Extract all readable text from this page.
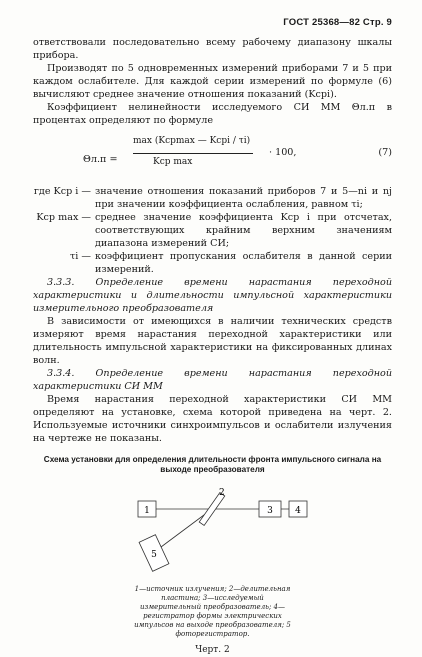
ГОСТ 25368—82 Стр. 9

ответствовали последовательно всему рабочему диапазону шкалы прибора.

Производят по 5 одновременных измерений приборами 7 и 5 при каждом ослабителе. Для каждой серии измерений по формуле (6) вычисляют среднее значение отношения показаний (Kсрi).

Коэффициент нелинейности исследуемого СИ ММ Θл.п в процентах определяют по формуле

Θл.п =
max (Kсрmax — Kсрi / τi)
Kср max
· 100,	(7)
где Kср i — значение отношения показаний приборов 7 и 5—ni и nj при значении коэффициента ослабления, равном τi;
Kср max — среднее значение коэффициента Kср i при отсчетах, соответствующих крайним верхним значениям диапазона измерений СИ;
τi — коэффициент пропускания ослабителя в данной серии измерений.

3.3.3. Определение времени нарастания переходной характеристики и длительности импульсной характеристики измерительного преобразователя

В зависимости от имеющихся в наличии технических средств измеряют время нарастания переходной характеристики или длительность импульсной характеристики на фиксированных длинах волн.

3.3.4. Определение времени нарастания переходной характеристики СИ ММ

Время нарастания переходной характеристики СИ ММ определяют на установке, схема которой приведена на черт. 2. Используемые источники синхроимпульсов и ослабители излучения на чертеже не показаны.

Схема установки для определения длительности фронта импульсного сигнала на выходе преобразователя
1
2
3 4
5
1—источник излучения; 2—делительная пластина; 3—исследуемый измерительный преобразователь; 4—регистратор формы электрических импульсов на выходе преобразователя; 5 фоторегистратор.
Черт. 2
